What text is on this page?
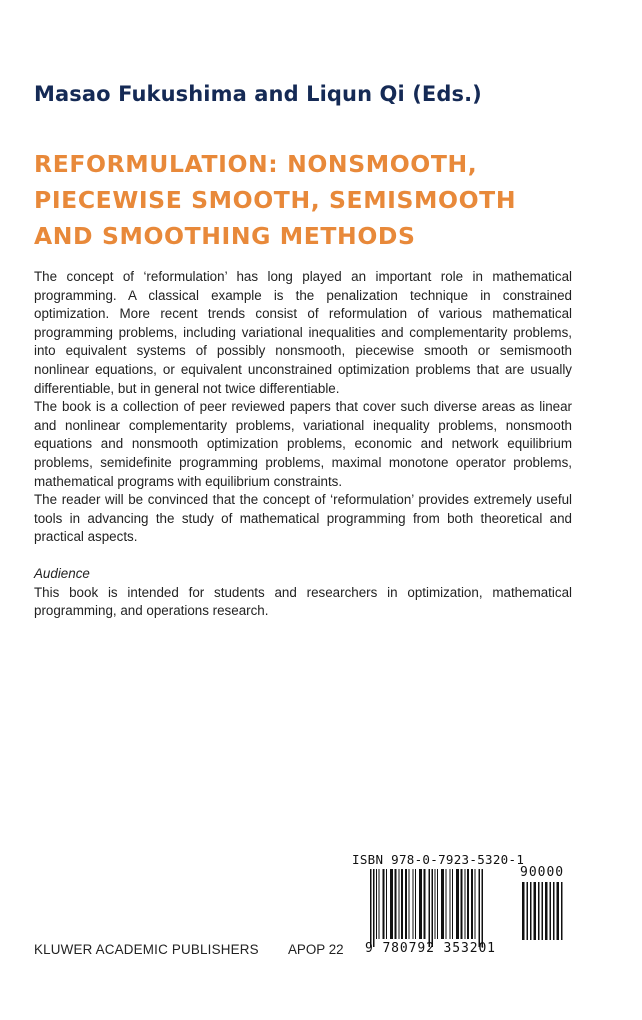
Masao Fukushima and Liqun Qi (Eds.)
REFORMULATION: NONSMOOTH,
PIECEWISE SMOOTH, SEMISMOOTH
AND SMOOTHING METHODS

The concept of ‘reformulation’ has long played an important role in mathematical programming. A classical example is the penalization technique in constrained optimization. More recent trends consist of reformulation of various mathematical programming problems, including variational inequalities and complementarity problems, into equivalent systems of possibly nonsmooth, piecewise smooth or semismooth nonlinear equations, or equivalent unconstrained optimization problems that are usually differentiable, but in general not twice differentiable.

The book is a collection of peer reviewed papers that cover such diverse areas as linear and nonlinear complementarity problems, variational inequality problems, nonsmooth equations and nonsmooth optimization problems, economic and network equilibrium problems, semidefinite programming problems, maximal monotone operator problems, mathematical programs with equilibrium constraints.

The reader will be convinced that the concept of ‘reformulation’ provides extremely useful tools in advancing the study of mathematical programming from both theoretical and practical aspects.

Audience

This book is intended for students and researchers in optimization, mathematical programming, and operations research.

KLUWER ACADEMIC PUBLISHERS APOP 22
ISBN 978-0-7923-5320-1
90000
9 780792 353201
